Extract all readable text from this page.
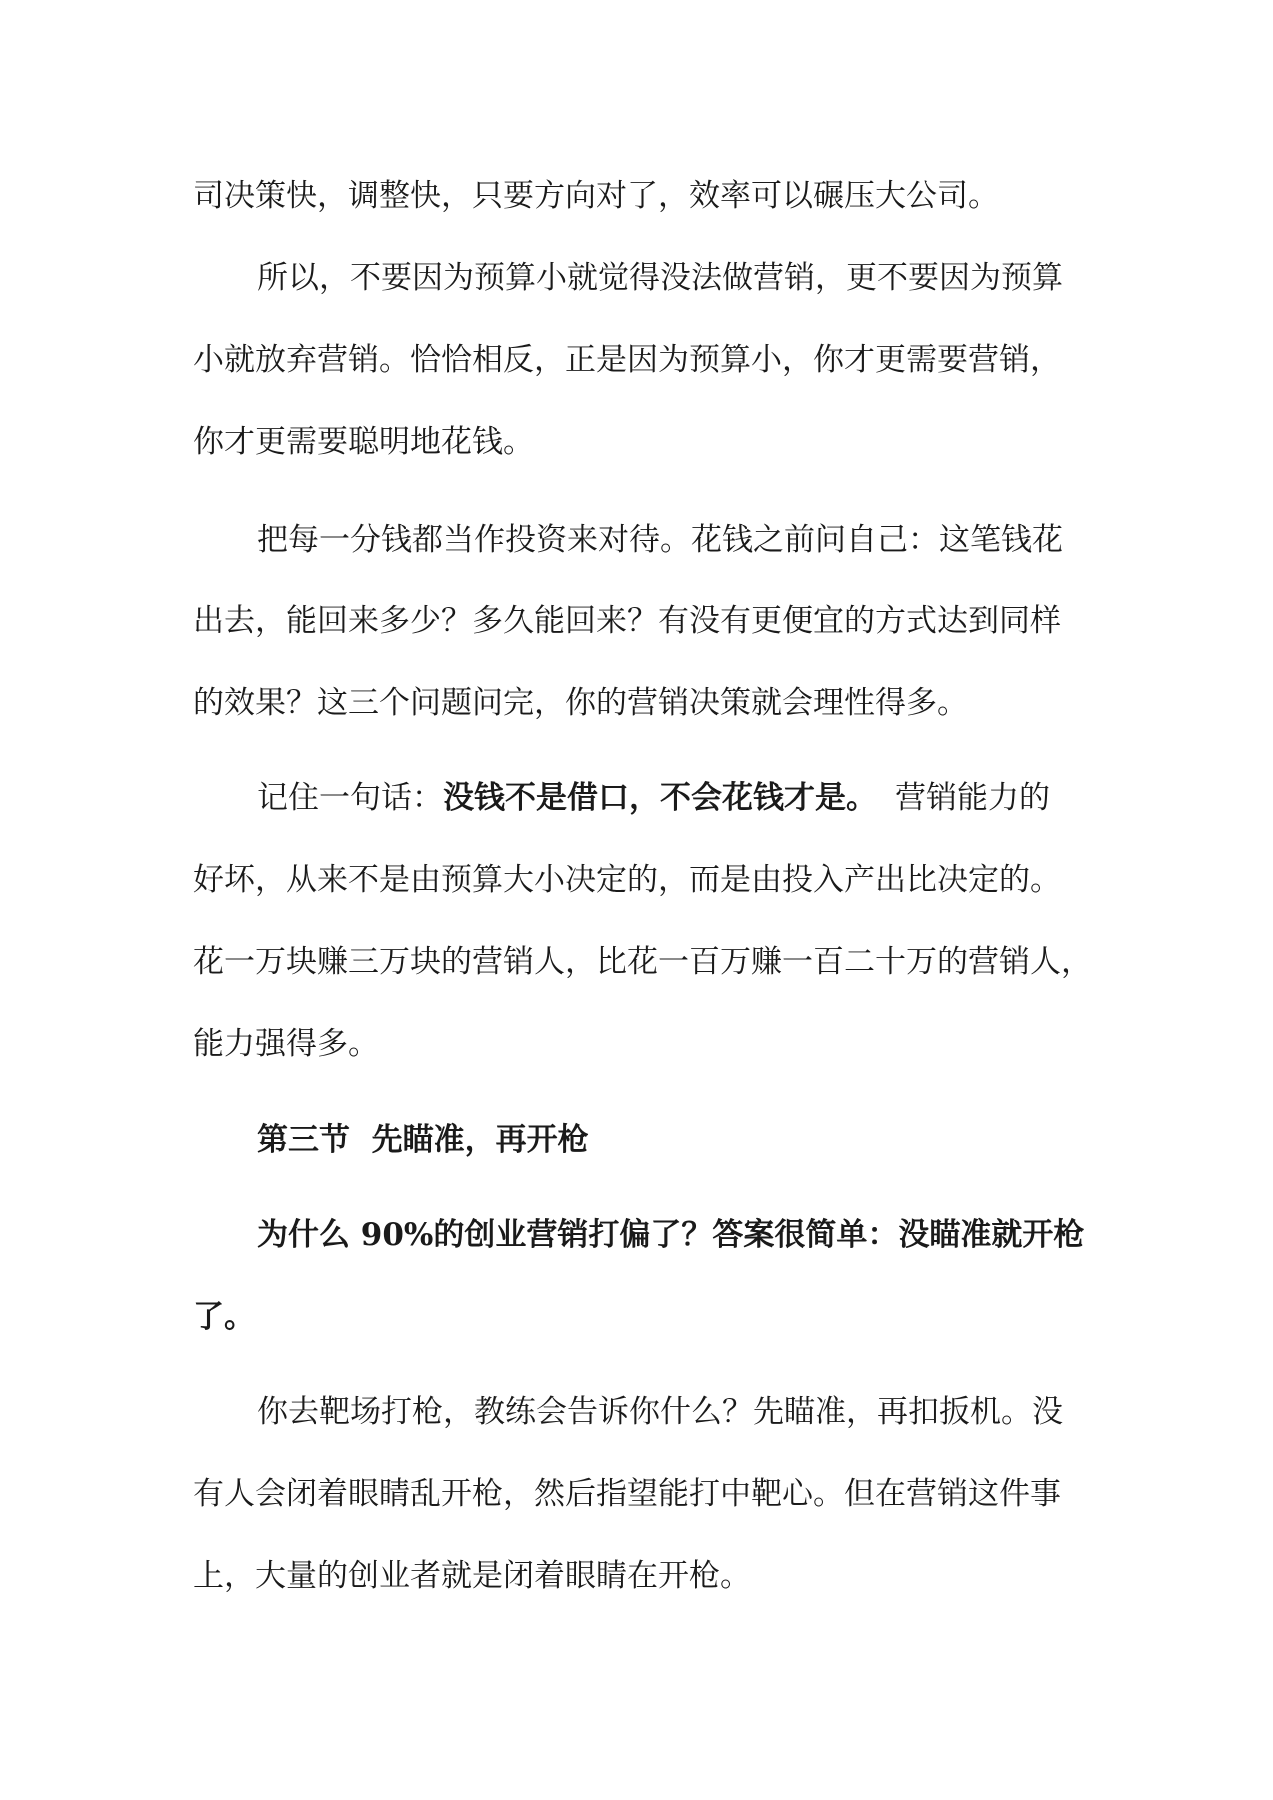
司决策快，调整快，只要方向对了，效率可以碾压大公司。
所以，不要因为预算小就觉得没法做营销，更不要因为预算
小就放弃营销。恰恰相反，正是因为预算小，你才更需要营销，
你才更需要聪明地花钱。
把每一分钱都当作投资来对待。花钱之前问自己：这笔钱花
出去，能回来多少？多久能回来？有没有更便宜的方式达到同样
的效果？这三个问题问完，你的营销决策就会理性得多。
记住一句话：没钱不是借口，不会花钱才是。 营销能力的
好坏，从来不是由预算大小决定的，而是由投入产出比决定的。
花一万块赚三万块的营销人，比花一百万赚一百二十万的营销人，
能力强得多。
第三节  先瞄准，再开枪
为什么 90%的创业营销打偏了？答案很简单：没瞄准就开枪
了。
你去靶场打枪，教练会告诉你什么？先瞄准，再扣扳机。没
有人会闭着眼睛乱开枪，然后指望能打中靶心。但在营销这件事
上，大量的创业者就是闭着眼睛在开枪。
